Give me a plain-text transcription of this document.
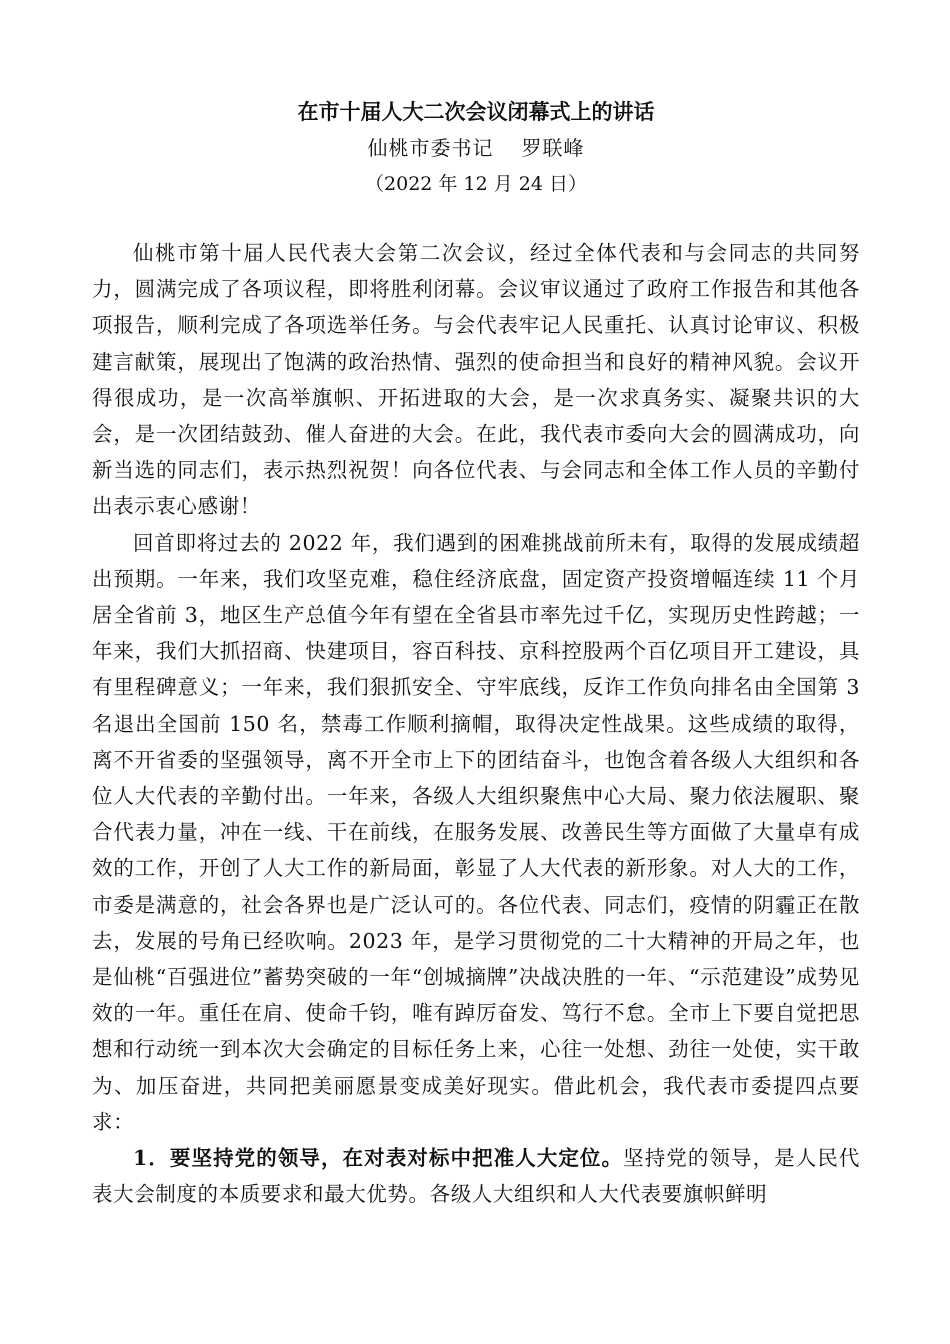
在市十届人大二次会议闭幕式上的讲话

仙桃市委书记 罗联峰

（2022 年 12 月 24 日）

仙桃市第十届人民代表大会第二次会议，经过全体代表和与会同志的共同努力，圆满完成了各项议程，即将胜利闭幕。会议审议通过了政府工作报告和其他各项报告，顺利完成了各项选举任务。与会代表牢记人民重托、认真讨论审议、积极建言献策，展现出了饱满的政治热情、强烈的使命担当和良好的精神风貌。会议开得很成功，是一次高举旗帜、开拓进取的大会，是一次求真务实、凝聚共识的大会，是一次团结鼓劲、催人奋进的大会。在此，我代表市委向大会的圆满成功，向新当选的同志们，表示热烈祝贺！向各位代表、与会同志和全体工作人员的辛勤付出表示衷心感谢！

回首即将过去的 2022 年，我们遇到的困难挑战前所未有，取得的发展成绩超出预期。一年来，我们攻坚克难，稳住经济底盘，固定资产投资增幅连续 11 个月居全省前 3，地区生产总值今年有望在全省县市率先过千亿，实现历史性跨越；一年来，我们大抓招商、快建项目，容百科技、京科控股两个百亿项目开工建设，具有里程碑意义；一年来，我们狠抓安全、守牢底线，反诈工作负向排名由全国第 3 名退出全国前 150 名，禁毒工作顺利摘帽，取得决定性战果。这些成绩的取得，离不开省委的坚强领导，离不开全市上下的团结奋斗，也饱含着各级人大组织和各位人大代表的辛勤付出。一年来，各级人大组织聚焦中心大局、聚力依法履职、聚合代表力量，冲在一线、干在前线，在服务发展、改善民生等方面做了大量卓有成效的工作，开创了人大工作的新局面，彰显了人大代表的新形象。对人大的工作，市委是满意的，社会各界也是广泛认可的。各位代表、同志们，疫情的阴霾正在散去，发展的号角已经吹响。2023 年，是学习贯彻党的二十大精神的开局之年，也是仙桃“百强进位”蓄势突破的一年“创城摘牌”决战决胜的一年、“示范建设”成势见效的一年。重任在肩、使命千钧，唯有踔厉奋发、笃行不怠。全市上下要自觉把思想和行动统一到本次大会确定的目标任务上来，心往一处想、劲往一处使，实干敢为、加压奋进，共同把美丽愿景变成美好现实。借此机会，我代表市委提四点要求：

1．要坚持党的领导，在对表对标中把准人大定位。坚持党的领导，是人民代表大会制度的本质要求和最大优势。各级人大组织和人大代表要旗帜鲜明
